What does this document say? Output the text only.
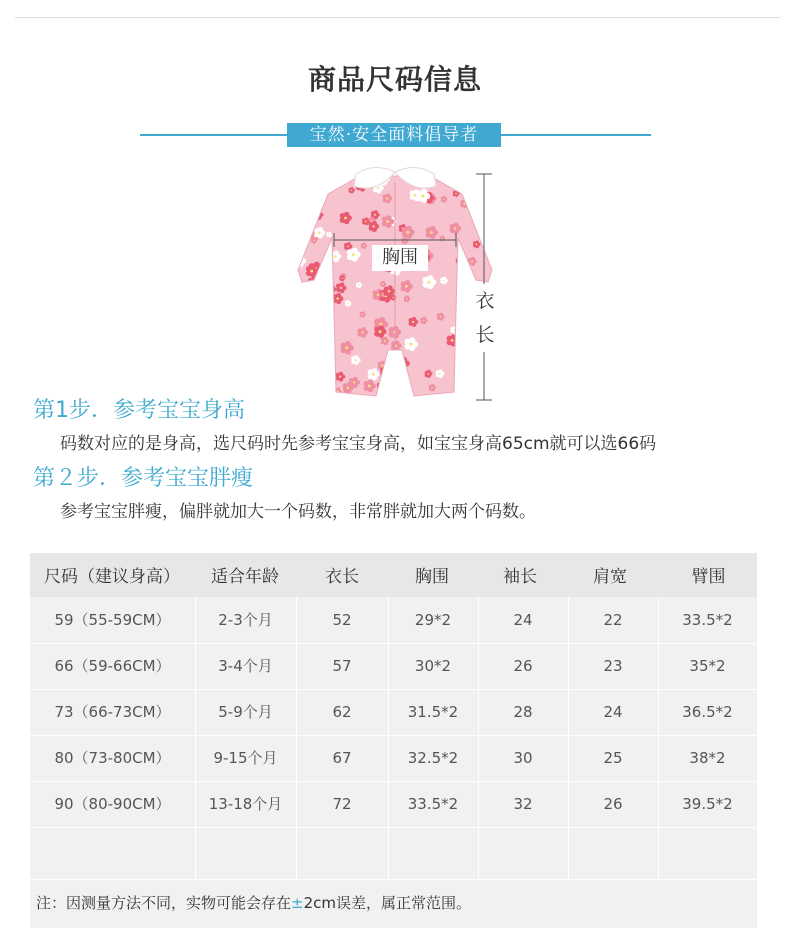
商品尺码信息
宝然·安全面料倡导者
胸围
衣
长
第1步．参考宝宝身高
码数对应的是身高，选尺码时先参考宝宝身高，如宝宝身高65cm就可以选66码
第２步．参考宝宝胖瘦
参考宝宝胖瘦，偏胖就加大一个码数，非常胖就加大两个码数。
尺码（建议身高）	适合年龄	衣长	胸围	袖长	肩宽	臂围
59（55-59CM）	2-3个月	52	29*2	24	22	33.5*2
66（59-66CM）	3-4个月	57	30*2	26	23	35*2
73（66-73CM）	5-9个月	62	31.5*2	28	24	36.5*2
80（73-80CM）	9-15个月	67	32.5*2	30	25	38*2
90（80-90CM）	13-18个月	72	33.5*2	32	26	39.5*2
注：因测量方法不同，实物可能会存在±2cm误差，属正常范围。
